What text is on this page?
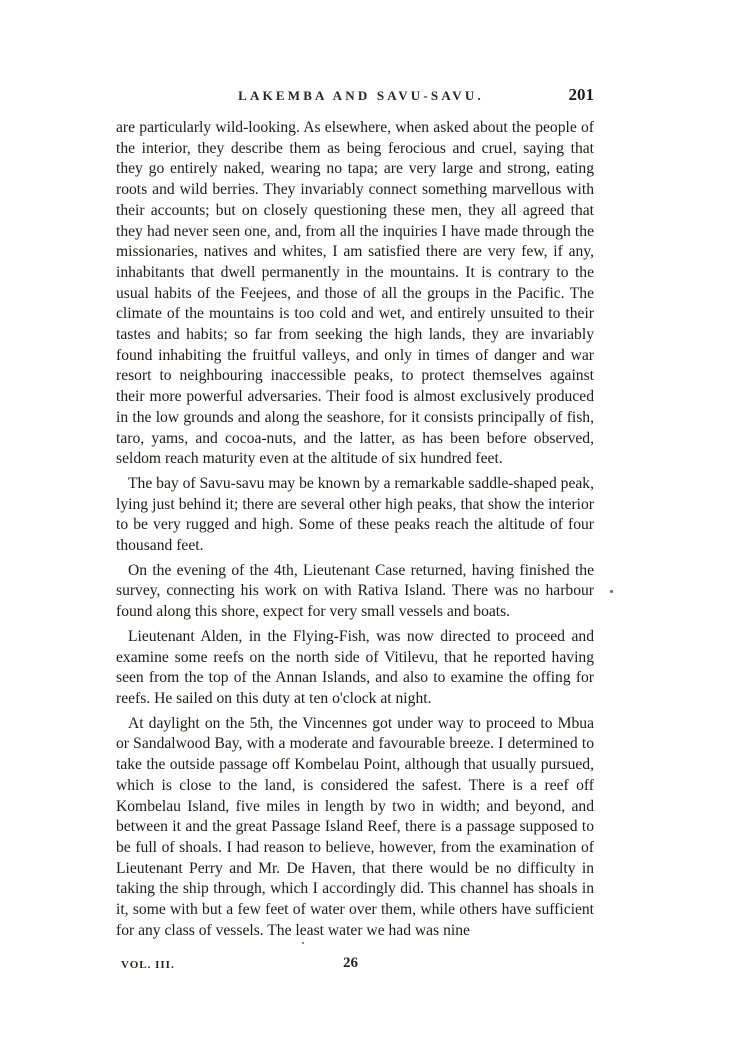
LAKEMBA AND SAVU-SAVU.	201

are particularly wild-looking. As elsewhere, when asked about the people of the interior, they describe them as being ferocious and cruel, saying that they go entirely naked, wearing no tapa; are very large and strong, eating roots and wild berries. They invariably connect something marvellous with their accounts; but on closely questioning these men, they all agreed that they had never seen one, and, from all the inquiries I have made through the missionaries, natives and whites, I am satisfied there are very few, if any, inhabitants that dwell permanently in the mountains. It is contrary to the usual habits of the Feejees, and those of all the groups in the Pacific. The climate of the mountains is too cold and wet, and entirely unsuited to their tastes and habits; so far from seeking the high lands, they are invariably found inhabiting the fruitful valleys, and only in times of danger and war resort to neighbouring inaccessible peaks, to protect themselves against their more powerful adversaries. Their food is almost exclusively produced in the low grounds and along the seashore, for it consists principally of fish, taro, yams, and cocoa-nuts, and the latter, as has been before observed, seldom reach maturity even at the altitude of six hundred feet.

The bay of Savu-savu may be known by a remarkable saddle-shaped peak, lying just behind it; there are several other high peaks, that show the interior to be very rugged and high. Some of these peaks reach the altitude of four thousand feet.

On the evening of the 4th, Lieutenant Case returned, having finished the survey, connecting his work on with Rativa Island. There was no harbour found along this shore, expect for very small vessels and boats.

Lieutenant Alden, in the Flying-Fish, was now directed to proceed and examine some reefs on the north side of Vitilevu, that he reported having seen from the top of the Annan Islands, and also to examine the offing for reefs. He sailed on this duty at ten o'clock at night.

At daylight on the 5th, the Vincennes got under way to proceed to Mbua or Sandalwood Bay, with a moderate and favourable breeze. I determined to take the outside passage off Kombelau Point, although that usually pursued, which is close to the land, is considered the safest. There is a reef off Kombelau Island, five miles in length by two in width; and beyond, and between it and the great Passage Island Reef, there is a passage supposed to be full of shoals. I had reason to believe, however, from the examination of Lieutenant Perry and Mr. De Haven, that there would be no difficulty in taking the ship through, which I accordingly did. This channel has shoals in it, some with but a few feet of water over them, while others have sufficient for any class of vessels. The least water we had was nine

VOL. III.	26
